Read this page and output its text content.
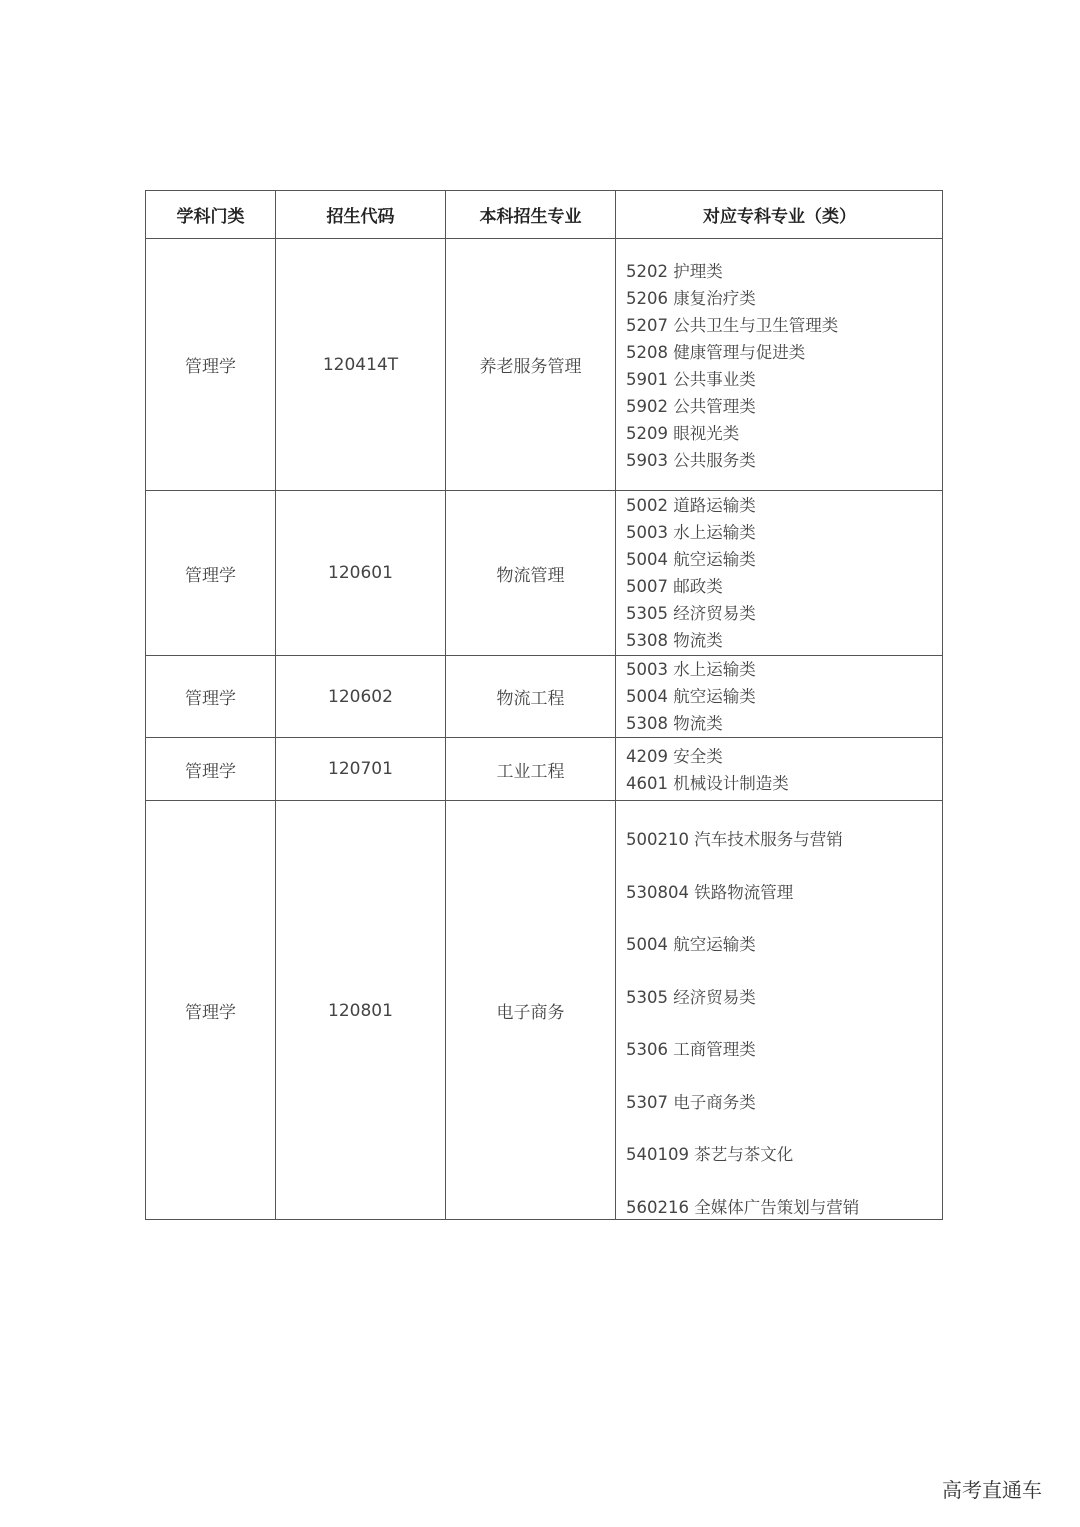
学科门类	招生代码	本科招生专业	对应专科专业（类）
管理学	120414T	养老服务管理
5202 护理类
5206 康复治疗类
5207 公共卫生与卫生管理类
5208 健康管理与促进类
5901 公共事业类
5902 公共管理类
5209 眼视光类
5903 公共服务类
管理学	120601	物流管理
5002 道路运输类
5003 水上运输类
5004 航空运输类
5007 邮政类
5305 经济贸易类
5308 物流类
管理学	120602	物流工程
5003 水上运输类
5004 航空运输类
5308 物流类
管理学	120701	工业工程
4209 安全类
4601 机械设计制造类
管理学	120801	电子商务
500210 汽车技术服务与营销
530804 铁路物流管理
5004 航空运输类
5305 经济贸易类
5306 工商管理类
5307 电子商务类
540109 茶艺与茶文化
560216 全媒体广告策划与营销
高考直通车
